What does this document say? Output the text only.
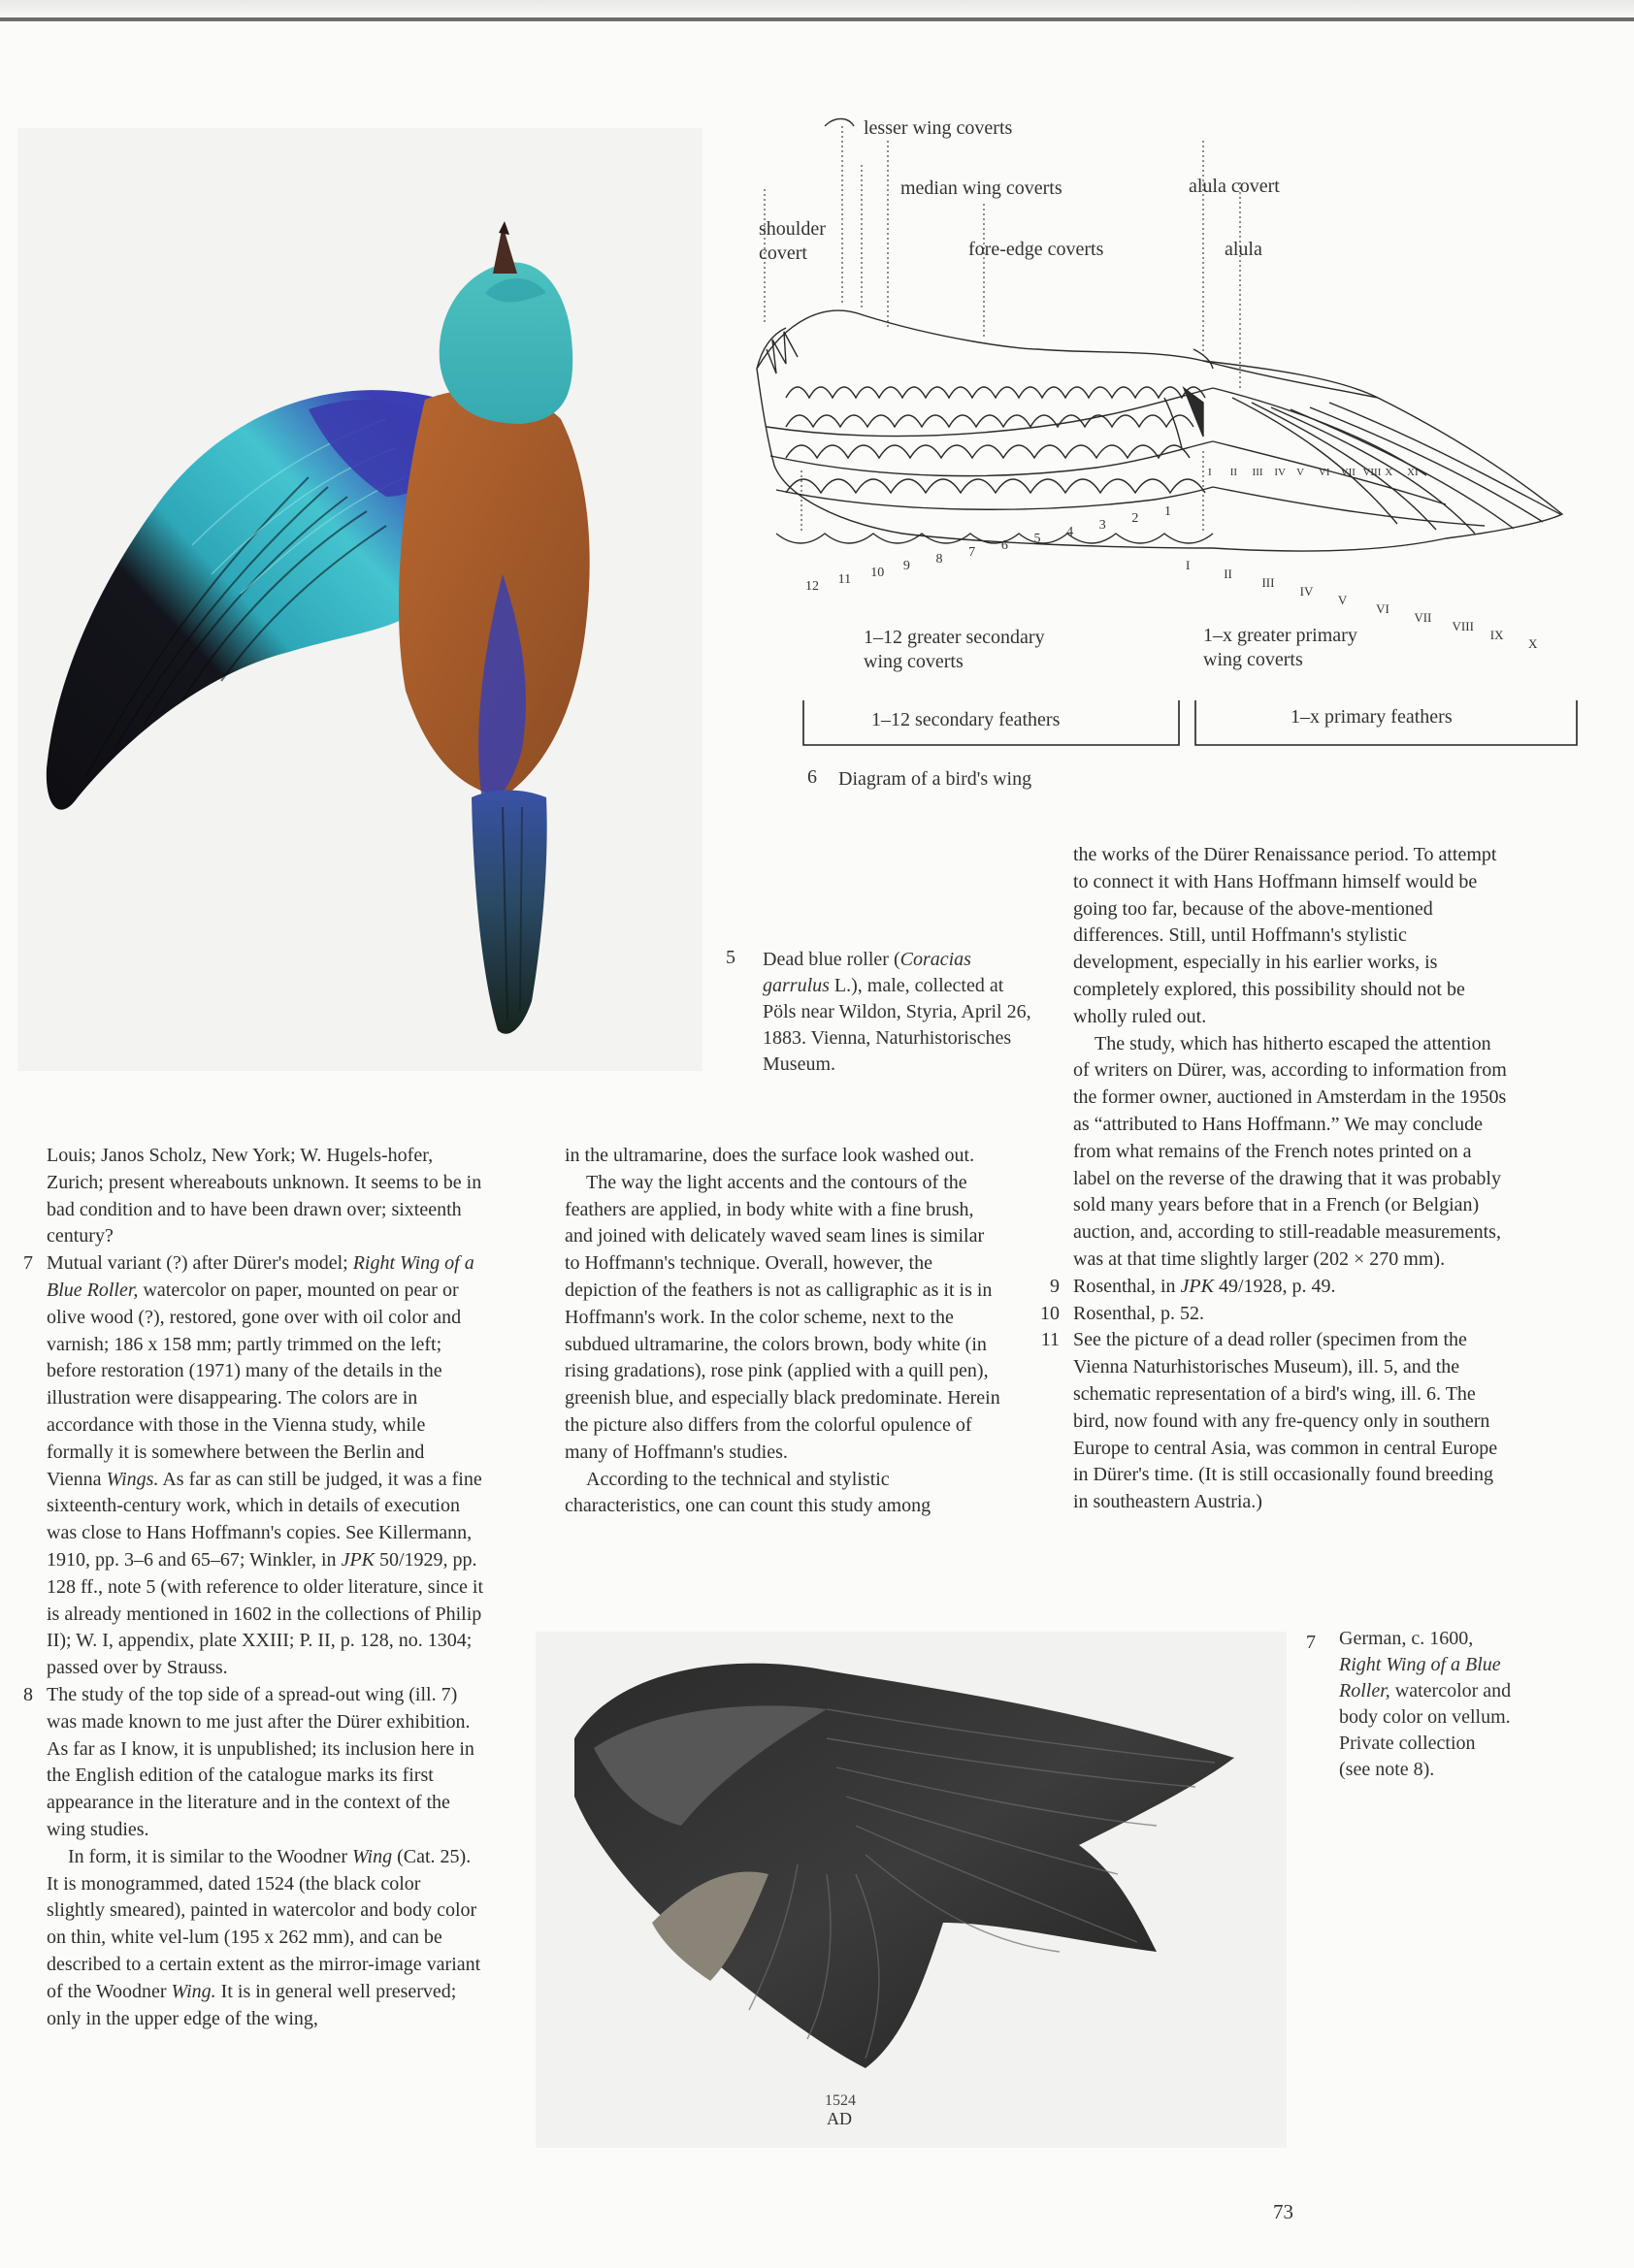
lesser wing coverts
median wing coverts	alula covert
shoulder
covert	fore-edge coverts	alula
12 11 10 9 8 7 6 5 4 3 2 1
I
II
III
IV
V
VI
VII
VIII
IX
X
I II III IV V VI VII VIII X XI
1–12 greater secondary
wing coverts
1–x greater primary
wing coverts
1–12 secondary feathers	1–x primary feathers
6 Diagram of a bird's wing
5 Dead blue roller (Coracias garrulus L.), male, collected at Pöls near Wildon, Styria, April 26, 1883. Vienna, Naturhistorisches Museum.

Louis; Janos Scholz, New York; W. Hugels-hofer, Zurich; present whereabouts unknown. It seems to be in bad condition and to have been drawn over; sixteenth century?

7 Mutual variant (?) after Dürer's model; Right Wing of a Blue Roller, watercolor on paper, mounted on pear or olive wood (?), restored, gone over with oil color and varnish; 186 x 158 mm; partly trimmed on the left; before restoration (1971) many of the details in the illustration were disappearing. The colors are in accordance with those in the Vienna study, while formally it is somewhere between the Berlin and Vienna Wings. As far as can still be judged, it was a fine sixteenth-century work, which in details of execution was close to Hans Hoffmann's copies. See Killermann, 1910, pp. 3–6 and 65–67; Winkler, in JPK 50/1929, pp. 128 ff., note 5 (with reference to older literature, since it is already mentioned in 1602 in the collections of Philip II); W. I, appendix, plate XXIII; P. II, p. 128, no. 1304; passed over by Strauss.

8 The study of the top side of a spread-out wing (ill. 7) was made known to me just after the Dürer exhibition. As far as I know, it is unpublished; its inclusion here in the English edition of the catalogue marks its first appearance in the literature and in the context of the wing studies.

In form, it is similar to the Woodner Wing (Cat. 25). It is monogrammed, dated 1524 (the black color slightly smeared), painted in watercolor and body color on thin, white vel-lum (195 x 262 mm), and can be described to a certain extent as the mirror-image variant of the Woodner Wing. It is in general well preserved; only in the upper edge of the wing,

in the ultramarine, does the surface look washed out.

The way the light accents and the contours of the feathers are applied, in body white with a fine brush, and joined with delicately waved seam lines is similar to Hoffmann's technique. Overall, however, the depiction of the feathers is not as calligraphic as it is in Hoffmann's work. In the color scheme, next to the subdued ultramarine, the colors brown, body white (in rising gradations), rose pink (applied with a quill pen), greenish blue, and especially black predominate. Herein the picture also differs from the colorful opulence of many of Hoffmann's studies.

According to the technical and stylistic characteristics, one can count this study among

the works of the Dürer Renaissance period. To attempt to connect it with Hans Hoffmann himself would be going too far, because of the above-mentioned differences. Still, until Hoffmann's stylistic development, especially in his earlier works, is completely explored, this possibility should not be wholly ruled out.

The study, which has hitherto escaped the attention of writers on Dürer, was, according to information from the former owner, auctioned in Amsterdam in the 1950s as “attributed to Hans Hoffmann.” We may conclude from what remains of the French notes printed on a label on the reverse of the drawing that it was probably sold many years before that in a French (or Belgian) auction, and, according to still-readable measurements, was at that time slightly larger (202 × 270 mm).

9 Rosenthal, in JPK 49/1928, p. 49.

10 Rosenthal, p. 52.

11 See the picture of a dead roller (specimen from the Vienna Naturhistorisches Museum), ill. 5, and the schematic representation of a bird's wing, ill. 6. The bird, now found with any fre-quency only in southern Europe to central Asia, was common in central Europe in Dürer's time. (It is still occasionally found breeding in southeastern Austria.)

1524
AD
7 German, c. 1600,
Right Wing of a Blue Roller, watercolor and body color on vellum.
Private collection
(see note 8).
73
